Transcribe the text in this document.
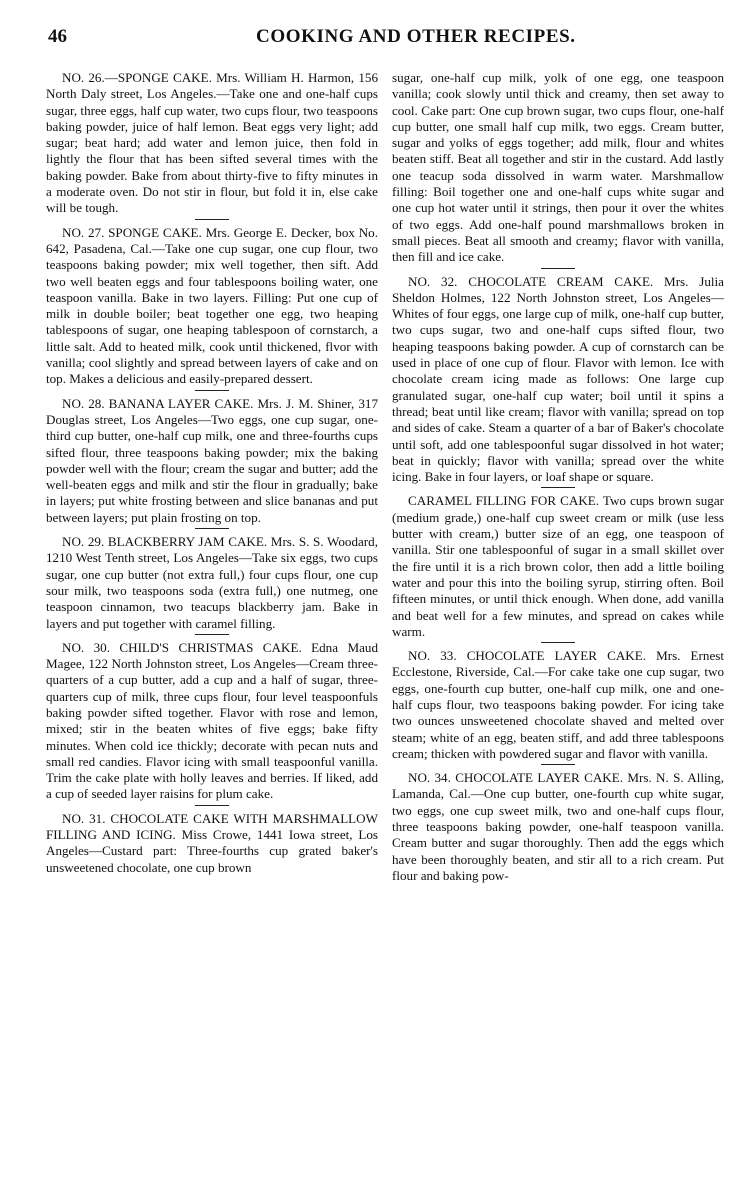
46	COOKING AND OTHER RECIPES.

NO. 26.—SPONGE CAKE. Mrs. William H. Harmon, 156 North Daly street, Los Angeles.—Take one and one-half cups sugar, three eggs, half cup water, two cups flour, two teaspoons baking powder, juice of half lemon. Beat eggs very light; add sugar; beat hard; add water and lemon juice, then fold in lightly the flour that has been sifted several times with the baking powder. Bake from about thirty-five to fifty minutes in a moderate oven. Do not stir in flour, but fold it in, else cake will be tough.

NO. 27. SPONGE CAKE. Mrs. George E. Decker, box No. 642, Pasadena, Cal.—Take one cup sugar, one cup flour, two teaspoons baking powder; mix well together, then sift. Add two well beaten eggs and four tablespoons boiling water, one teaspoon vanilla. Bake in two layers. Filling: Put one cup of milk in double boiler; beat together one egg, two heaping tablespoons of sugar, one heaping tablespoon of cornstarch, a little salt. Add to heated milk, cook until thickened, flvor with vanilla; cool slightly and spread between layers of cake and on top. Makes a delicious and easily-prepared dessert.

NO. 28. BANANA LAYER CAKE. Mrs. J. M. Shiner, 317 Douglas street, Los Angeles—Two eggs, one cup sugar, one-third cup butter, one-half cup milk, one and three-fourths cups sifted flour, three teaspoons baking powder; mix the baking powder well with the flour; cream the sugar and butter; add the well-beaten eggs and milk and stir the flour in gradually; bake in layers; put white frosting between and slice bananas and put between layers; put plain frosting on top.

NO. 29. BLACKBERRY JAM CAKE. Mrs. S. S. Woodard, 1210 West Tenth street, Los Angeles—Take six eggs, two cups sugar, one cup butter (not extra full,) four cups flour, one cup sour milk, two teaspoons soda (extra full,) one nutmeg, one teaspoon cinnamon, two teacups blackberry jam. Bake in layers and put together with caramel filling.

NO. 30. CHILD'S CHRISTMAS CAKE. Edna Maud Magee, 122 North Johnston street, Los Angeles—Cream three-quarters of a cup butter, add a cup and a half of sugar, three-quarters cup of milk, three cups flour, four level teaspoonfuls baking powder sifted together. Flavor with rose and lemon, mixed; stir in the beaten whites of five eggs; bake fifty minutes. When cold ice thickly; decorate with pecan nuts and small red candies. Flavor icing with small teaspoonful vanilla. Trim the cake plate with holly leaves and berries. If liked, add a cup of seeded layer raisins for plum cake.

NO. 31. CHOCOLATE CAKE WITH MARSHMALLOW FILLING AND ICING. Miss Crowe, 1441 Iowa street, Los Angeles—Custard part: Three-fourths cup grated baker's unsweetened chocolate, one cup brown

sugar, one-half cup milk, yolk of one egg, one teaspoon vanilla; cook slowly until thick and creamy, then set away to cool. Cake part: One cup brown sugar, two cups flour, one-half cup butter, one small half cup milk, two eggs. Cream butter, sugar and yolks of eggs together; add milk, flour and whites beaten stiff. Beat all together and stir in the custard. Add lastly one teacup soda dissolved in warm water. Marshmallow filling: Boil together one and one-half cups white sugar and one cup hot water until it strings, then pour it over the whites of two eggs. Add one-half pound marshmallows broken in small pieces. Beat all smooth and creamy; flavor with vanilla, then fill and ice cake.

NO. 32. CHOCOLATE CREAM CAKE. Mrs. Julia Sheldon Holmes, 122 North Johnston street, Los Angeles—Whites of four eggs, one large cup of milk, one-half cup butter, two cups sugar, two and one-half cups sifted flour, two heaping teaspoons baking powder. A cup of cornstarch can be used in place of one cup of flour. Flavor with lemon. Ice with chocolate cream icing made as follows: One large cup granulated sugar, one-half cup water; boil until it spins a thread; beat until like cream; flavor with vanilla; spread on top and sides of cake. Steam a quarter of a bar of Baker's chocolate until soft, add one tablespoonful sugar dissolved in hot water; beat in quickly; flavor with vanilla; spread over the white icing. Bake in four layers, or loaf shape or square.

CARAMEL FILLING FOR CAKE. Two cups brown sugar (medium grade,) one-half cup sweet cream or milk (use less butter with cream,) butter size of an egg, one teaspoon of vanilla. Stir one tablespoonful of sugar in a small skillet over the fire until it is a rich brown color, then add a little boiling water and pour this into the boiling syrup, stirring often. Boil fifteen minutes, or until thick enough. When done, add vanilla and beat well for a few minutes, and spread on cakes while warm.

NO. 33. CHOCOLATE LAYER CAKE. Mrs. Ernest Ecclestone, Riverside, Cal.—For cake take one cup sugar, two eggs, one-fourth cup butter, one-half cup milk, one and one-half cups flour, two teaspoons baking powder. For icing take two ounces unsweetened chocolate shaved and melted over steam; white of an egg, beaten stiff, and add three tablespoons cream; thicken with powdered sugar and flavor with vanilla.

NO. 34. CHOCOLATE LAYER CAKE. Mrs. N. S. Alling, Lamanda, Cal.—One cup butter, one-fourth cup white sugar, two eggs, one cup sweet milk, two and one-half cups flour, three teaspoons baking powder, one-half teaspoon vanilla. Cream butter and sugar thoroughly. Then add the eggs which have been thoroughly beaten, and stir all to a rich cream. Put flour and baking pow-
